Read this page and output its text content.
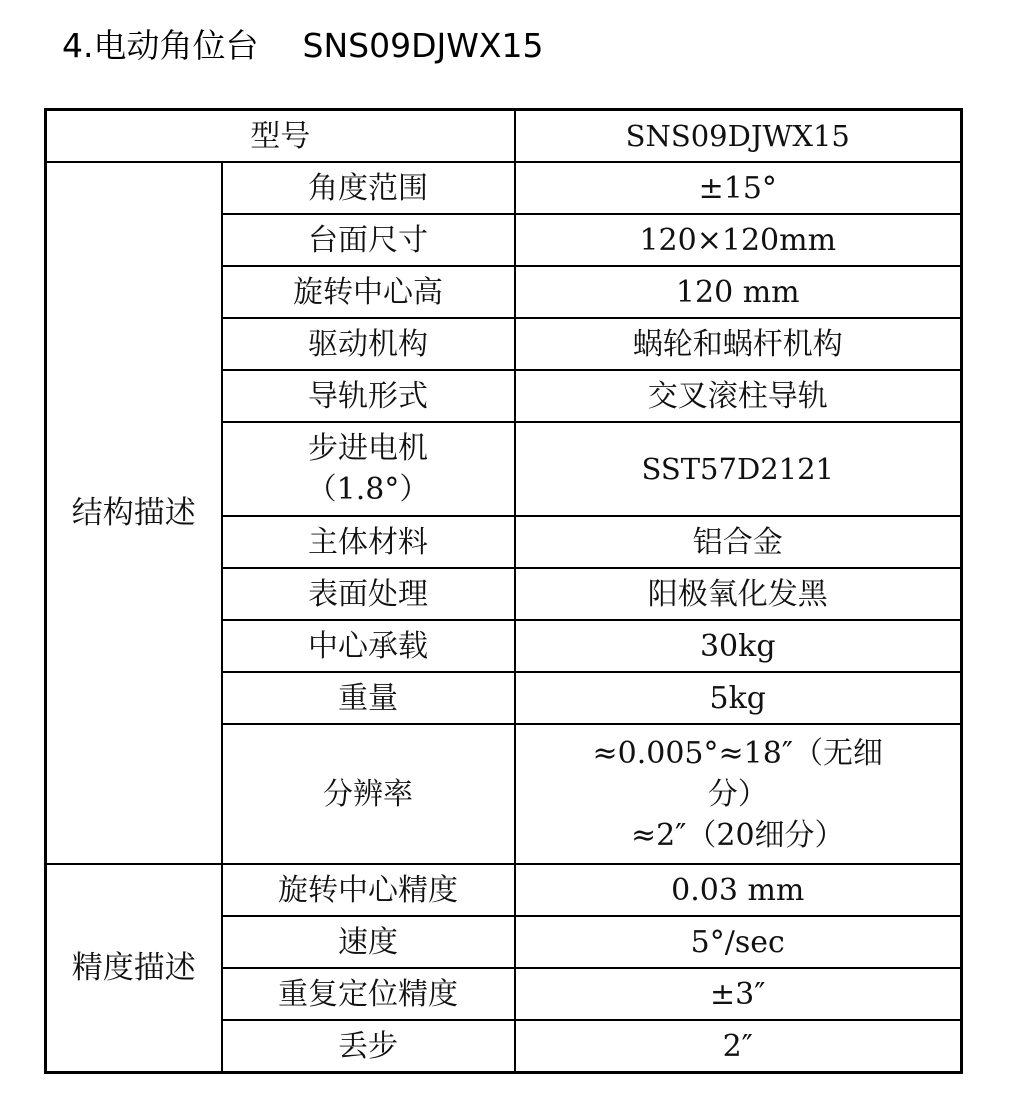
4.电动角位台 SNS09DJWX15
型号		SNS09DJWX15
结构描述	角度范围	±15°
	台面尺寸	120×120mm
	旋转中心高	120 mm
	驱动机构	蜗轮和蜗杆机构
	导轨形式	交叉滚柱导轨

	步进电机
（1.8°）	SST57D2121
	主体材料	铝合金
	表面处理	阳极氧化发黑
	中心承载	30kg
	重量	5kg
	分辨率	≈0.005°≈18″（无细
分）
≈2″（20细分）

精度描述	旋转中心精度	0.03 mm
	速度	5°/sec
	重复定位精度	±3″
	丢步	2″
